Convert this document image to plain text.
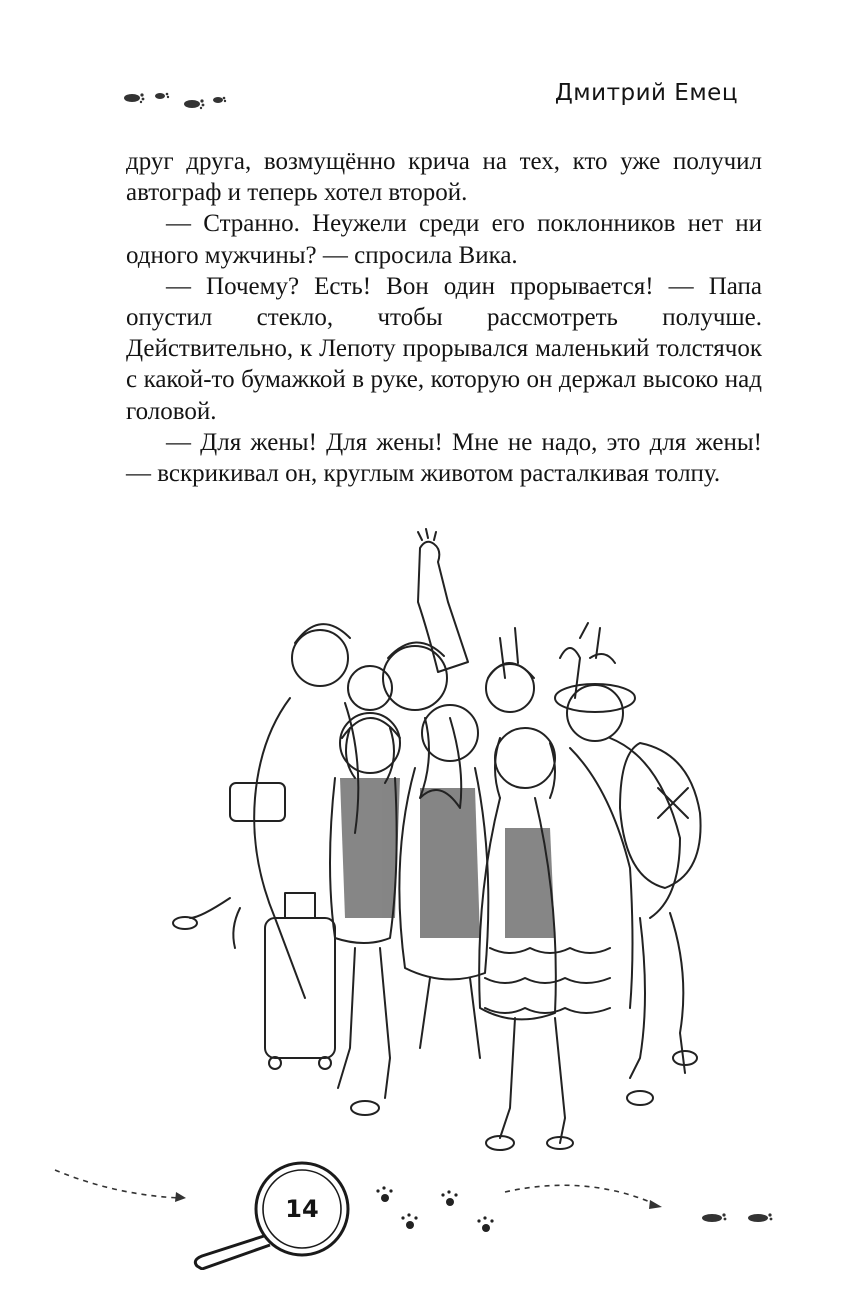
Дмитрий Емец

друг друга, возмущённо крича на тех, кто уже получил автограф и теперь хотел второй.

— Странно. Неужели среди его поклонников нет ни одного мужчины? — спросила Вика.

— Почему? Есть! Вон один прорывается! — Папа опустил стекло, чтобы рассмотреть получше. Действительно, к Лепоту прорывался маленький толстячок с какой-то бумажкой в руке, которую он держал высоко над головой.

— Для жены! Для жены! Мне не надо, это для жены! — вскрикивал он, круглым животом расталкивая толпу.

14
